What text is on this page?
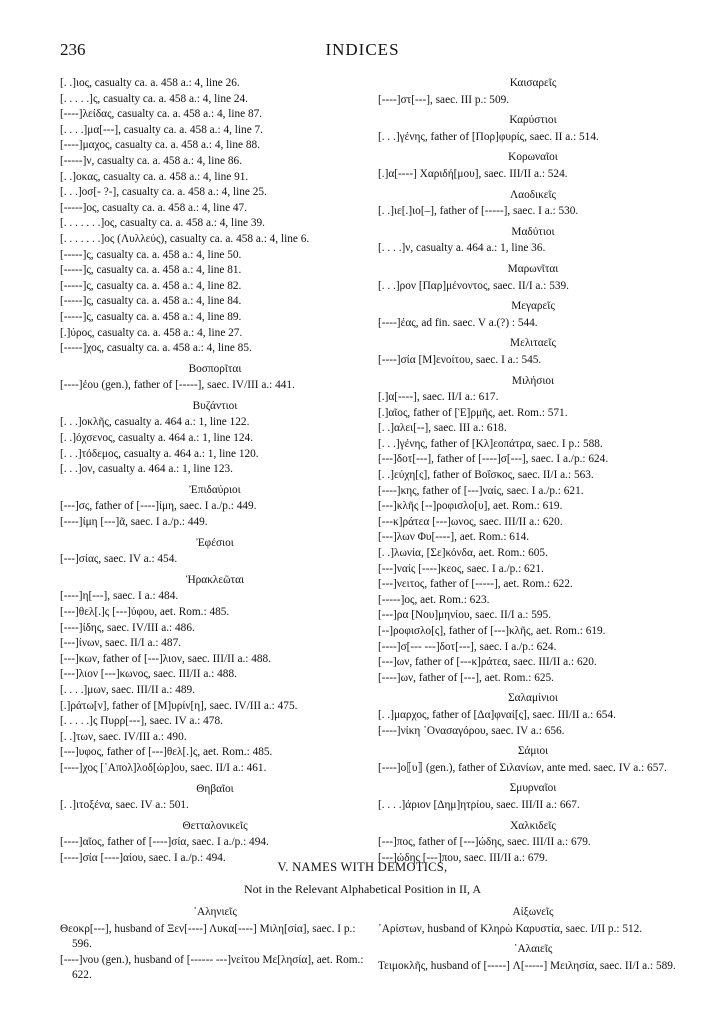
236	INDICES
[. .]ιος, casualty ca. a. 458 a.: 4, line 26.
[. . . . .]ς, casualty ca. a. 458 a.: 4, line 24.
[----]λείδας, casualty ca. a. 458 a.: 4, line 87.
[. . . .]μα[---], casualty ca. a. 458 a.: 4, line 7.
[----]μαχος, casualty ca. a. 458 a.: 4, line 88.
[-----]ν, casualty ca. a. 458 a.: 4, line 86.
[. .]οκας, casualty ca. a. 458 a.: 4, line 91.
[. . .]οσ[- ?-], casualty ca. a. 458 a.: 4, line 25.
[-----]ος, casualty ca. a. 458 a.: 4, line 47.
[. . . . . . .]ος, casualty ca. a. 458 a.: 4, line 39.
[. . . . . . .]ος (Λυλλεύς), casualty ca. a. 458 a.: 4, line 6.
[-----]ς, casualty ca. a. 458 a.: 4, line 50.
[-----]ς, casualty ca. a. 458 a.: 4, line 81.
[-----]ς, casualty ca. a. 458 a.: 4, line 82.
[-----]ς, casualty ca. a. 458 a.: 4, line 84.
[-----]ς, casualty ca. a. 458 a.: 4, line 89.
[.]ύρος, casualty ca. a. 458 a.: 4, line 27.
[-----]χος, casualty ca. a. 458 a.: 4, line 85.
Βοσπορῖται
[----]έου (gen.), father of [-----], saec. IV/III a.: 441.
Βυζάντιοι
[. . .]οκλῆς, casualty a. 464 a.: 1, line 122.
[. .]όχσενος, casualty a. 464 a.: 1, line 124.
[. . .]τόδεμος, casualty a. 464 a.: 1, line 120.
[. . .]ον, casualty a. 464 a.: 1, line 123.
Ἐπιδαύριοι
[---]σς, father of [----]ίμη, saec. I a./p.: 449.
[----]ίμη [---]ᾶ, saec. I a./p.: 449.
Ἐφέσιοι
[---]σίας, saec. IV a.: 454.
Ἡρακλεῶται
[----]η[---], saec. I a.: 484.
[---]θελ[.]ς [---]ύφου, aet. Rom.: 485.
[----]ίδης, saec. IV/III a.: 486.
[---]ίνων, saec. II/I a.: 487.
[---]κων, father of [---]λιον, saec. III/II a.: 488.
[---]λιον [---]κωνος, saec. III/II a.: 488.
[. . . .]μων, saec. III/II a.: 489.
[.]ράτω[ν], father of [Μ]υρίν[η], saec. IV/III a.: 475.
[. . . . .]ς Πυρρ[---], saec. IV a.: 478.
[. .]των, saec. IV/III a.: 490.
[---]υφος, father of [---]θελ[.]ς, aet. Rom.: 485.
[----]χος [᾿Απολ]λοδ[ώρ]ου, saec. II/I a.: 461.
Θηβαῖοι
[. .]ιτοξένα, saec. IV a.: 501.
Θετταλονικεῖς
[----]αῖος, father of [----]σία, saec. I a./p.: 494.
[----]σία [----]αίου, saec. I a./p.: 494.
Καισαρεῖς
[----]στ[---], saec. III p.: 509.
Καρύστιοι
[. . .]γένης, father of [Πορ]φυρίς, saec. II a.: 514.
Κορωναῖοι
[.]α[----] Χαριδή[μου], saec. III/II a.: 524.
Λαοδικεῖς
[. .]ιε[.]ιο[–], father of [-----], saec. I a.: 530.
Μαδύτιοι
[. . . .]ν, casualty a. 464 a.: 1, line 36.
Μαρωνῖται
[. . .]ρον [Παρ]μένοντος, saec. II/I a.: 539.
Μεγαρεῖς
[----]έας, ad fin. saec. V a.(?) : 544.
Μελιταεῖς
[----]σία [Μ]ενοίτου, saec. I a.: 545.
Μιλήσιοι
[.]α[----], saec. II/I a.: 617.
[.]αῖος, father of [Ἑ]ρμῆς, aet. Rom.: 571.
[. .]αλει[--], saec. III a.: 618.
[. . .]γένης, father of [Κλ]εοπάτρα, saec. I p.: 588.
[---]δοτ[---], father of [----]σ[---], saec. I a./p.: 624.
[. .]εύχη[ς], father of Βοΐσκος, saec. II/I a.: 563.
[----]κης, father of [---]ναίς, saec. I a./p.: 621.
[---]κλῆς [--]ροφισλο[υ], aet. Rom.: 619.
[---κ]ράτεα [---]ωνος, saec. III/II a.: 620.
[---]λων Φυ[----], aet. Rom.: 614.
[. .]λωνία, [Σε]κόνδα, aet. Rom.: 605.
[---]ναίς [----]κεος, saec. I a./p.: 621.
[---]νειτος, father of [-----], aet. Rom.: 622.
[-----]ος, aet. Rom.: 623.
[---]ρα [Νου]μηνίου, saec. II/I a.: 595.
[--]ροφισλο[ς], father of [---]κλῆς, aet. Rom.: 619.
[----]σ[--- ---]δοτ[---], saec. I a./p.: 624.
[---]ων, father of [---κ]ράτεα, saec. III/II a.: 620.
[----]ων, father of [---], aet. Rom.: 625.
Σαλαμίνιοι
[. .]μαρχος, father of [Δα]φναί[ς], saec. III/II a.: 654.
[----]νίκη ᾿Ονασαγόρου, saec. IV a.: 656.
Σάμιοι
[----]ο⟦υ⟧ (gen.), father of Σιλανίων, ante med. saec. IV a.: 657.
Σμυρναῖοι
[. . . .]άριον [Δημ]ητρίου, saec. III/II a.: 667.
Χαλκιδεῖς
[---]πος, father of [---]ώδης, saec. III/II a.: 679.
[---]ώδης [---]που, saec. III/II a.: 679.
V. NAMES WITH DEMOTICS,
Not in the Relevant Alphabetical Position in II, A
᾿Αληνιεῖς
Θεοκρ[---], husband of Ξεν[----] Λυκα[----] Μιλη[σία], saec. I p.: 596.
[----]νου (gen.), husband of [------ ---]νείτου Με[λησία], aet. Rom.: 622.
Αἰξωνεῖς
᾿Αρίστων, husband of Κληρὼ Καρυστία, saec. I/II p.: 512.
᾿Αλαιεῖς
Τειμοκλῆς, husband of [-----] Λ[-----] Μειλησία, saec. II/I a.: 589.
